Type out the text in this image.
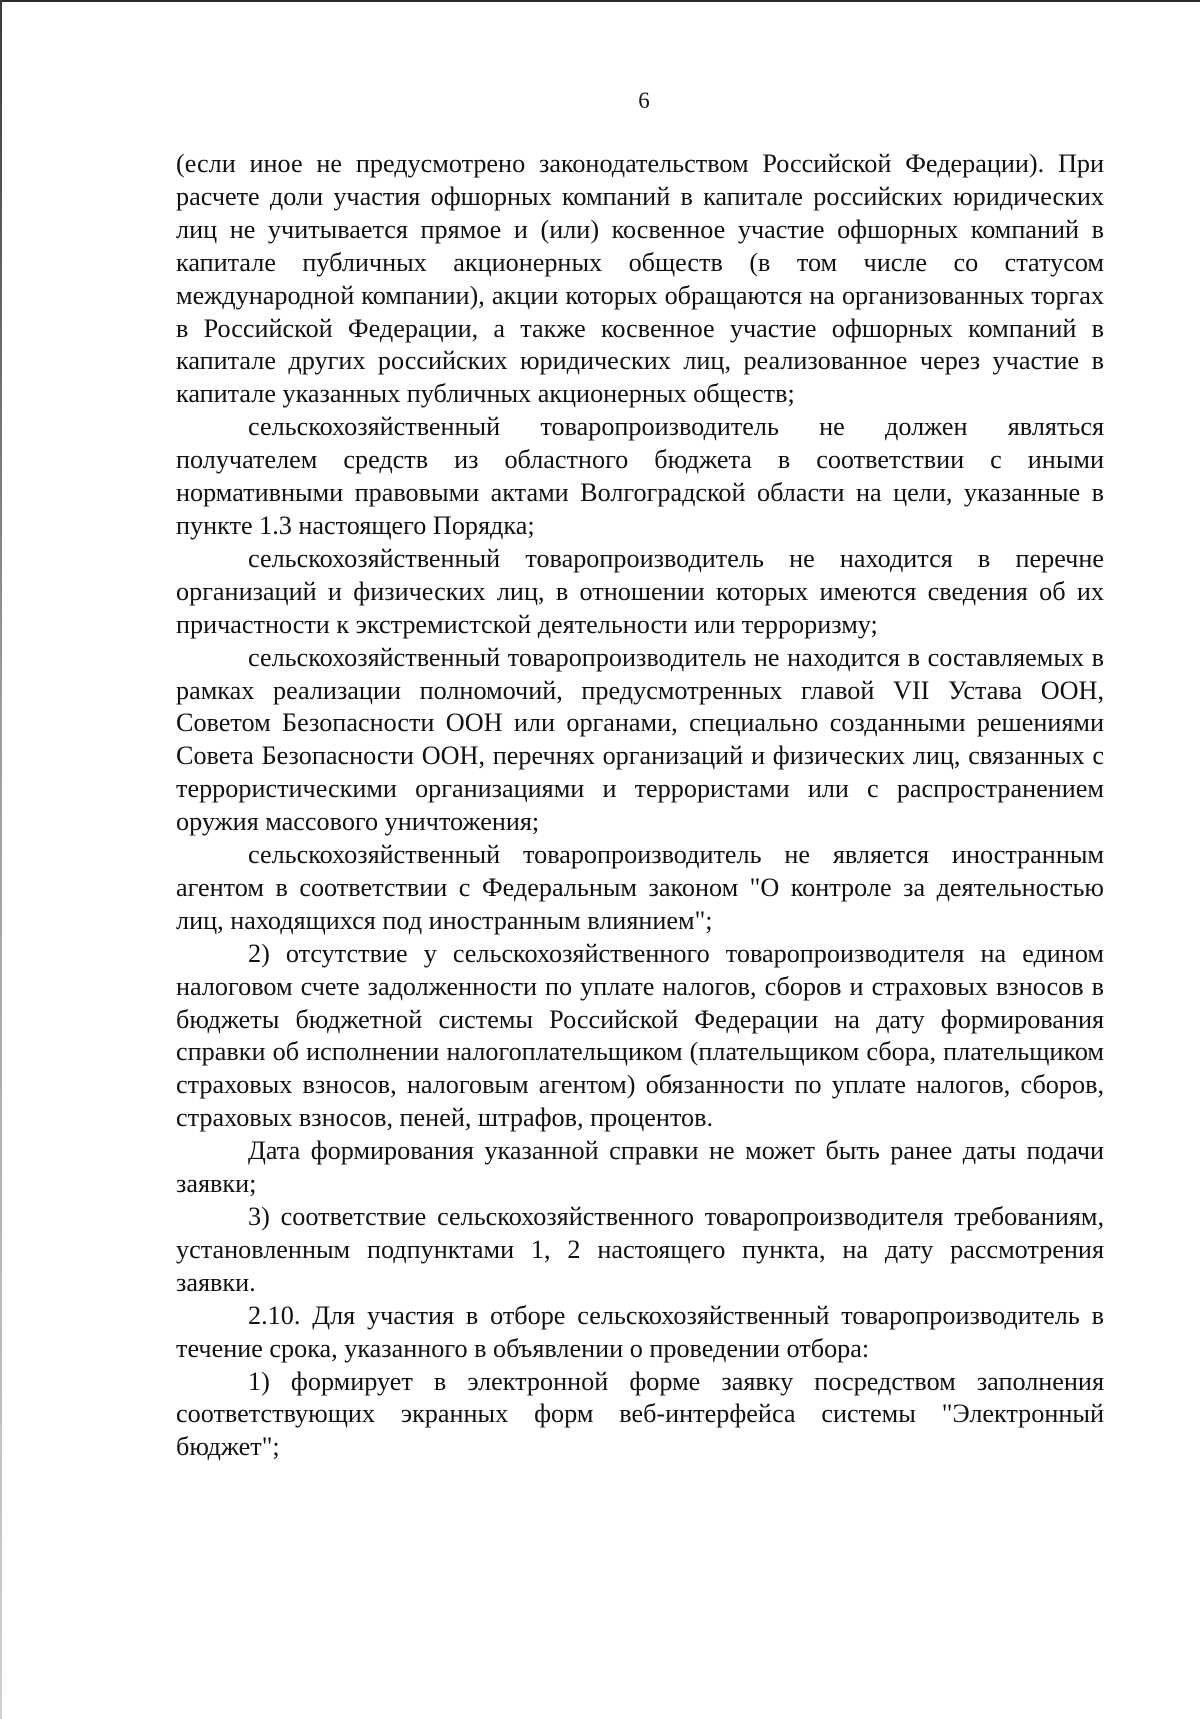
6

(если иное не предусмотрено законодательством Российской Федерации). При расчете доли участия офшорных компаний в капитале российских юридических лиц не учитывается прямое и (или) косвенное участие офшорных компаний в капитале публичных акционерных обществ (в том числе со статусом международной компании), акции которых обращаются на организованных торгах в Российской Федерации, а также косвенное участие офшорных компаний в капитале других российских юридических лиц, реализованное через участие в капитале указанных публичных акционерных обществ;

сельскохозяйственный товаропроизводитель не должен являться получателем средств из областного бюджета в соответствии с иными нормативными правовыми актами Волгоградской области на цели, указанные в пункте 1.3 настоящего Порядка;

сельскохозяйственный товаропроизводитель не находится в перечне организаций и физических лиц, в отношении которых имеются сведения об их причастности к экстремистской деятельности или терроризму;

сельскохозяйственный товаропроизводитель не находится в составляемых в рамках реализации полномочий, предусмотренных главой VII Устава ООН, Советом Безопасности ООН или органами, специально созданными решениями Совета Безопасности ООН, перечнях организаций и физических лиц, связанных с террористическими организациями и террористами или с распространением оружия массового уничтожения;

сельскохозяйственный товаропроизводитель не является иностранным агентом в соответствии с Федеральным законом "О контроле за деятельностью лиц, находящихся под иностранным влиянием";

2) отсутствие у сельскохозяйственного товаропроизводителя на едином налоговом счете задолженности по уплате налогов, сборов и страховых взносов в бюджеты бюджетной системы Российской Федерации на дату формирования справки об исполнении налогоплательщиком (плательщиком сбора, плательщиком страховых взносов, налоговым агентом) обязанности по уплате налогов, сборов, страховых взносов, пеней, штрафов, процентов.

Дата формирования указанной справки не может быть ранее даты подачи заявки;

3) соответствие сельскохозяйственного товаропроизводителя требованиям, установленным подпунктами 1, 2 настоящего пункта, на дату рассмотрения заявки.

2.10. Для участия в отборе сельскохозяйственный товаропроизводитель в течение срока, указанного в объявлении о проведении отбора:

1) формирует в электронной форме заявку посредством заполнения соответствующих экранных форм веб-интерфейса системы "Электронный бюджет";
